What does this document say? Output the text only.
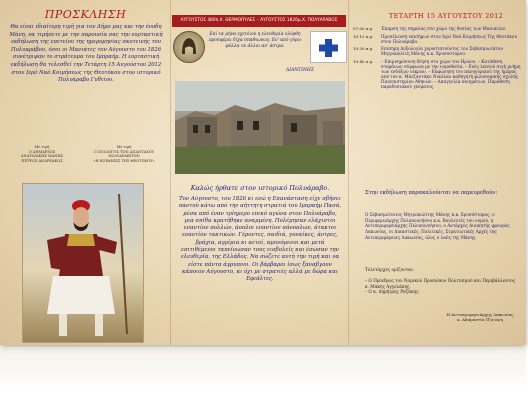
ΠΡΟΣΚΛΗΣΗ
Θα είναι ιδιαίτερη τιμή για τον Δήμο μας και την ένοδη Μάνη, να τιμήσετε με την παρουσία σας την εορταστική εκδήλωση της επετείου της ημερομηνίας σκοτεινής του Πολυαράβου, όσοι οι Μανιάτες τον Αύγουστο του 1826 συνέτριψαν το στράτευμα του Ιμπραήμ. Η εορταστική εκδήλωση θα τελεσθεί την Τετάρτη 15 Αυγούστου 2012 στον Ιερό Ναό Κοιμήσεως της Θεοτόκου στον ιστορικό Πολυάραβο Γυθείου.
Με τιμή
Ο ΔΗΜΑΡΧΟΣ
ΑΝΑΤΟΛΙΚΗΣ ΜΑΝΗΣ
ΠΕΤΡΟΣ ΑΝΔΡΕΑΚΟΣ
Με τιμή
Ο ΣΥΛΛΟΓΟΣ ΤΩΝ ΑΠΑΝΤΑΧΟΥ
ΠΟΛΥΑΡΑΒΙΤΩΝ
«Η ΚΟΙΜΗΣΙΣ ΤΗΣ ΘΕΟΤΟΚΟΥ»
ΑΥΓΟΥΣΤΟΣ 480π.Χ. ΘΕΡΜΟΠΥΛΕΣ – ΑΥΓΟΥΣΤΟΣ 1826μ.Χ. ΠΟΛΥΑΡΑΒΟΣ
Επί τα μήνα εχετέιον η ελευθερία ολόρθη προσφέρει δίχα σπαθιωνως. Εν' από γύρω φύλλα τα άλλοι αν' άστρα.
ΔΙΑΝΤΙΝΗΣ
Καλώς ήρθατε στον ιστορικό Πολυάραβο.
Τον Αύγουστο, του 1826 κι ενώ η Επανάσταση είχε σβήσει παντού κάτω από την αήττητη στρατιά του Ιμπραήμ Πασά, μέσα από έναν τρίημερο επικό αγώνα στον Πολυάραβο, μια σπίθα κρατήθηκε αναμμένη. Πολέμησαν ελάχιστοι εναντίον πολλών, άοπλοι εναντίον πάνοπλων, άτακτοι εναντίον τακτικών. Γέροντες, παιδιά, γυναίκες, άντρες, βράχια, αγρίμια κι αετοί, αμυνόμενοι και μετά επιτιθέμενοι ταπείνωσαν τους εισβολείς και έσωσαν την ελευθερία, της Ελλάδος. Να σώζετε αυτή την τιμή και να είστε πάντα άγρυπνοι. Οι βάρβαροι ίσως ξαναβγουν κάποιον Αύγουστο, κι όχι με στρατιές αλλά με δώρα και Εφιάλτες.
ΤΕΤΑΡΤΗ 15 ΑΥΓΟΥΣΤΟΥ 2012
07:00 π.μ. Έπαρση της σημαίας στο χώρο της θυσίας των Μανιατών.
10:15 π.μ. Προσέλευση επισήμων στον Ιερό Ναό Κοιμήσεως Της Θεοτόκου στον Πολυάραβο.
10:30 π.μ. Επίσημη Δοξολογία χοροστατούντος του Σεβασμιωτάτου Μητροπολίτη Μάνης κ.κ. Χρυσοστόμου.
10:40 π.μ. – Επιμνημόσυνη δέηση στο χώρο του Ηρώου. – Κατάθεση στεφάνων σύμφωνα με την νομοθεσία. – Ενός λεπτού σιγή μνήμη των ενδόξων νεκρών. – Εκφώνηση του πανηγυρικού της ημέρας από τον κ. Μπεζαντάκο Νικόλαο καθηγητή φιλοσοφικής σχολής Πανεπιστημίου Αθηνών. – Απαγγελία ποιημάτων. Παράθεση παραδοσιακού γεύματος.
Στην εκδήλωση παρακαλούνται να παρευρεθούν:

Ο Σεβασμιότατος Μητροπολίτης Μάνης κ.κ. Χρυσόστομος, ο Περιφερειάρχης Πελοποννήσου κ.κ. Βουλευτές του νομού, η Αντιπεριφερειάρχης Πελοποννήσου, ο Αντάρχος Διοικητής φρουράς Λακωνίας, οι Δικαστικές, Πολιτικές, Στρατιωτικές Αρχές της Αντιπεριφέρειας Λακωνίας, όλος ο λαός της Μάνης.

Τελετάρχες ορίζονται:
– Ο Πρόεδρος του Νομικού Προσώπου Πολιτισμού και Περιβάλλοντος κ. Μάκης Αγγελάκης.
– Ο κ. Δημήτρης Ραζάκης.
Η Αντιπεριφερειάρχης Λακωνίας
κ. Αδαμαντία Τζινιέρη
